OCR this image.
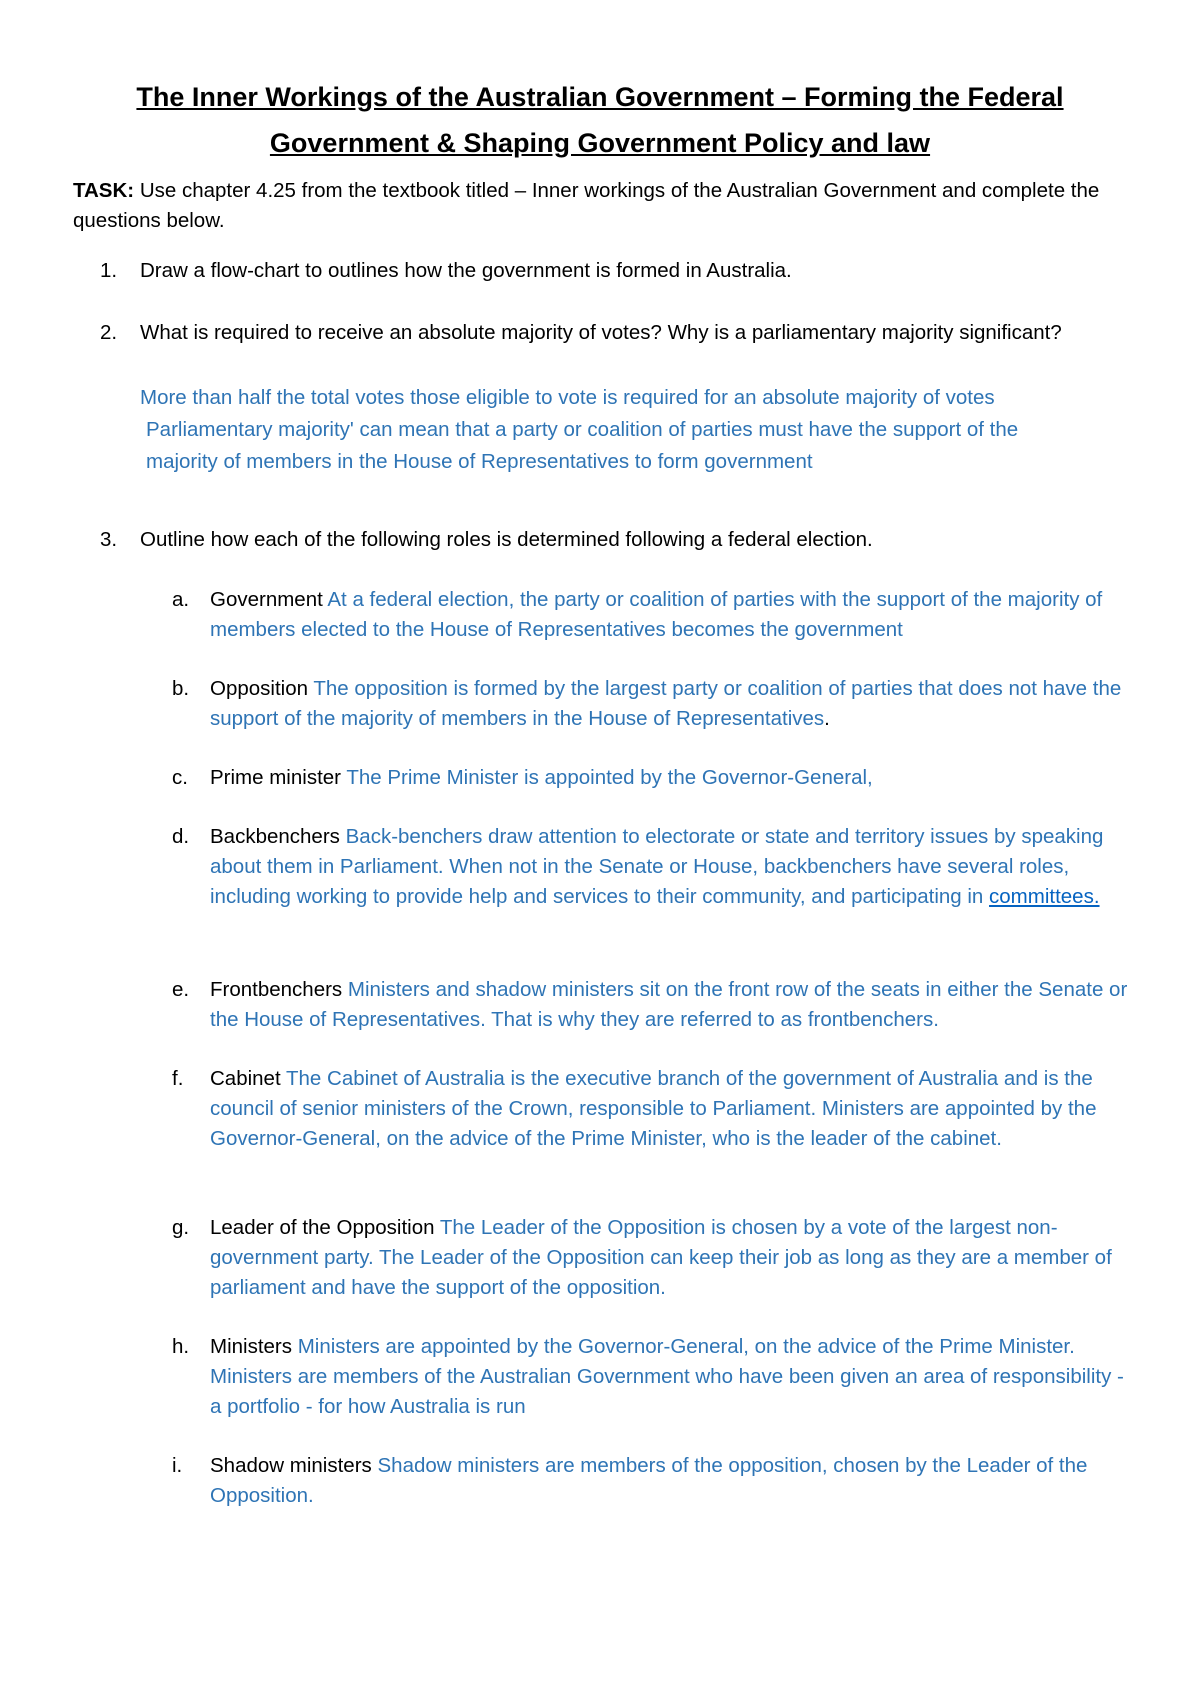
The Inner Workings of the Australian Government – Forming the Federal
Government & Shaping Government Policy and law
TASK: Use chapter 4.25 from the textbook titled – Inner workings of the Australian Government and complete the questions below.
1. Draw a flow-chart to outlines how the government is formed in Australia.
2. What is required to receive an absolute majority of votes? Why is a parliamentary majority significant?
More than half the total votes those eligible to vote is required for an absolute majority of votes
Parliamentary majority' can mean that a party or coalition of parties must have the support of the
majority of members in the House of Representatives to form government
3. Outline how each of the following roles is determined following a federal election.
a. Government At a federal election, the party or coalition of parties with the support of the majority of members elected to the House of Representatives becomes the government
b. Opposition The opposition is formed by the largest party or coalition of parties that does not have the support of the majority of members in the House of Representatives.
c. Prime minister The Prime Minister is appointed by the Governor-General,
d. Backbenchers Back-benchers draw attention to electorate or state and territory issues by speaking about them in Parliament. When not in the Senate or House, backbenchers have several roles, including working to provide help and services to their community, and participating in committees.
e. Frontbenchers Ministers and shadow ministers sit on the front row of the seats in either the Senate or the House of Representatives. That is why they are referred to as frontbenchers.
f. Cabinet The Cabinet of Australia is the executive branch of the government of Australia and is the council of senior ministers of the Crown, responsible to Parliament. Ministers are appointed by the Governor-General, on the advice of the Prime Minister, who is the leader of the cabinet.
g. Leader of the Opposition The Leader of the Opposition is chosen by a vote of the largest non-government party. The Leader of the Opposition can keep their job as long as they are a member of parliament and have the support of the opposition.
h. Ministers Ministers are appointed by the Governor-General, on the advice of the Prime Minister. Ministers are members of the Australian Government who have been given an area of responsibility - a portfolio - for how Australia is run
i. Shadow ministers Shadow ministers are members of the opposition, chosen by the Leader of the Opposition.
